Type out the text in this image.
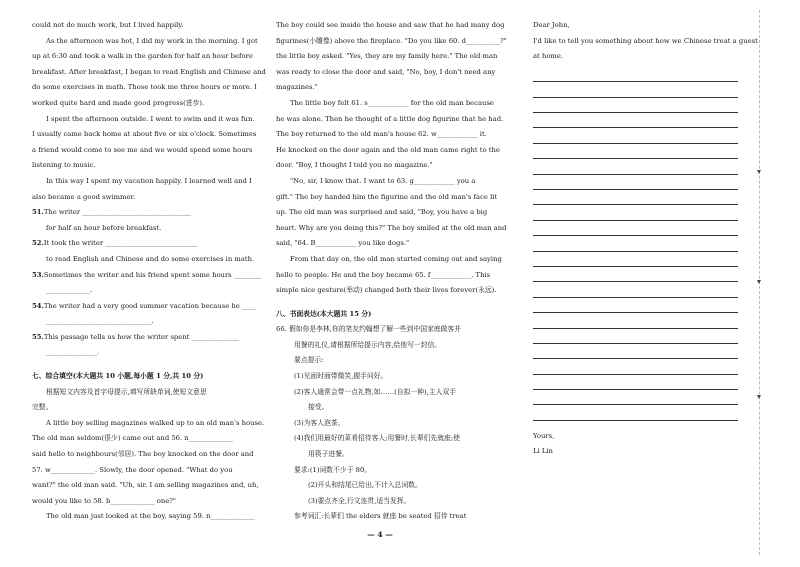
could not do much work, but I lived happily.
As the afternoon was hot, I did my work in the morning. I got
up at 6:30 and took a walk in the garden for half an hour before
breakfast. After breakfast, I began to read English and Chinese and
do some exercises in math. Those took me three hours or more. I
worked quite hard and made good progress(进步).
I spent the afternoon outside. I went to swim and it was fun.
I usually came back home at about five or six o'clock. Sometimes
a friend would come to see me and we would spend some hours
listening to music.
In this way I spent my vacation happily. I learned well and I
also became a good swimmer.
51.The writer ________________________________
for half an hour before breakfast.
52.It took the writer ___________________________
to read English and Chinese and do some exercises in math.
53.Sometimes the writer and his friend spent some hours ________
_____________.
54.The writer had a very good summer vacation because he ____
_______________________________.
55.This passage tells us how the writer spent ______________
_______________.
七、综合填空(本大题共 10 小题,每小题 1 分,共 10 分)
根据短文内容及首字母提示,填写所缺单词,使短文意思
完整。
A little boy selling magazines walked up to an old man's house.
The old man seldom(很少) came out and 56. n_____________
said hello to neighbours(邻居). The boy knocked on the door and
57. w_____________. Slowly, the door opened. "What do you
want?" the old man said. "Uh, sir. I am selling magazines and, uh,
would you like to 58. b_____________ one?"
The old man just looked at the boy, saying 59. n_____________
The boy could see inside the house and saw that he had many dog
figurines(小雕像) above the fireplace. "Do you like 60. d__________?"
the little boy asked. "Yes, they are my family here." The old man
was ready to close the door and said, "No, boy, I don't need any
magazines."
The little boy felt 61. s____________ for the old man because
he was alone. Then he thought of a little dog figurine that he had.
The boy returned to the old man's house 62. w____________ it.
He knocked on the door again and the old man came right to the
door. "Boy, I thought I told you no magazine."
"No, sir, I know that. I want to 63. g____________ you a
gift." The boy handed him the figurine and the old man's face lit
up. The old man was surprised and said, "Boy, you have a big
heart. Why are you doing this?" The boy smiled at the old man and
said, "64. B____________ you like dogs."
From that day on, the old man started coming out and saying
hello to people. He and the boy became 65. f____________. This
simple nice gesture(举动) changed both their lives forever(永远).
八、书面表达(本大题共 15 分)
66. 假如你是李林,你的笔友约翰想了解一些到中国家庭做客并
用餐的礼仪,请根据所给提示内容,给他写一封信。
要点提示:
(1)见面时面带微笑,握手问好。
(2)客人通常会带一点礼物,如……(自拟一种),主人双手
接受。
(3)为客人泡茶。
(4)我们用最好的菜肴招待客人;用餐时,长辈们先就座;使
用筷子进餐。
要求:(1)词数不少于 80。
(2)开头和结尾已给出,不计入总词数。
(3)要点齐全,行文连贯,适当发挥。
参考词汇:长辈们 the elders 就座 be seated 招待 treat
Dear John,
I'd like to tell you something about how we Chinese treat a guest
at home.
Yours,
Li Lin
— 4 —
